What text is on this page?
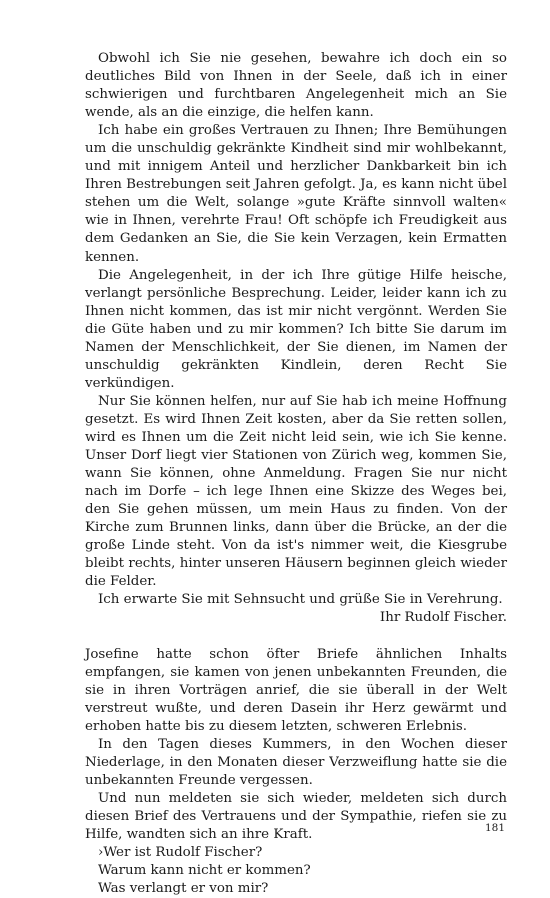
Obwohl ich Sie nie gesehen, bewahre ich doch ein so deutliches Bild von Ihnen in der Seele, daß ich in einer schwierigen und furchtbaren Angelegenheit mich an Sie wende, als an die einzige, die helfen kann.

Ich habe ein großes Vertrauen zu Ihnen; Ihre Bemühungen um die unschuldig gekränkte Kindheit sind mir wohlbekannt, und mit innigem Anteil und herzlicher Dankbarkeit bin ich Ihren Bestrebungen seit Jahren gefolgt. Ja, es kann nicht übel stehen um die Welt, solange »gute Kräfte sinnvoll walten« wie in Ihnen, verehrte Frau! Oft schöpfe ich Freudigkeit aus dem Gedanken an Sie, die Sie kein Verzagen, kein Ermatten kennen.

Die Angelegenheit, in der ich Ihre gütige Hilfe heische, verlangt persönliche Besprechung. Leider, leider kann ich zu Ihnen nicht kommen, das ist mir nicht vergönnt. Werden Sie die Güte haben und zu mir kommen? Ich bitte Sie darum im Namen der Menschlichkeit, der Sie dienen, im Namen der unschuldig gekränkten Kindlein, deren Recht Sie verkündigen.

Nur Sie können helfen, nur auf Sie hab ich meine Hoffnung gesetzt. Es wird Ihnen Zeit kosten, aber da Sie retten sollen, wird es Ihnen um die Zeit nicht leid sein, wie ich Sie kenne. Unser Dorf liegt vier Stationen von Zürich weg, kommen Sie, wann Sie können, ohne Anmeldung. Fragen Sie nur nicht nach im Dorfe – ich lege Ihnen eine Skizze des Weges bei, den Sie gehen müssen, um mein Haus zu finden. Von der Kirche zum Brunnen links, dann über die Brücke, an der die große Linde steht. Von da ist's nimmer weit, die Kiesgrube bleibt rechts, hinter unseren Häusern beginnen gleich wieder die Felder.

Ich erwarte Sie mit Sehnsucht und grüße Sie in Verehrung.

Ihr Rudolf Fischer.

Josefine hatte schon öfter Briefe ähnlichen Inhalts empfangen, sie kamen von jenen unbekannten Freunden, die sie in ihren Vorträgen anrief, die sie überall in der Welt verstreut wußte, und deren Dasein ihr Herz gewärmt und erhoben hatte bis zu diesem letzten, schweren Erlebnis.

In den Tagen dieses Kummers, in den Wochen dieser Niederlage, in den Monaten dieser Verzweiflung hatte sie die unbekannten Freunde vergessen.

Und nun meldeten sie sich wieder, meldeten sich durch diesen Brief des Vertrauens und der Sympathie, riefen sie zu Hilfe, wandten sich an ihre Kraft.

›Wer ist Rudolf Fischer?

Warum kann nicht er kommen?

Was verlangt er von mir?

181
